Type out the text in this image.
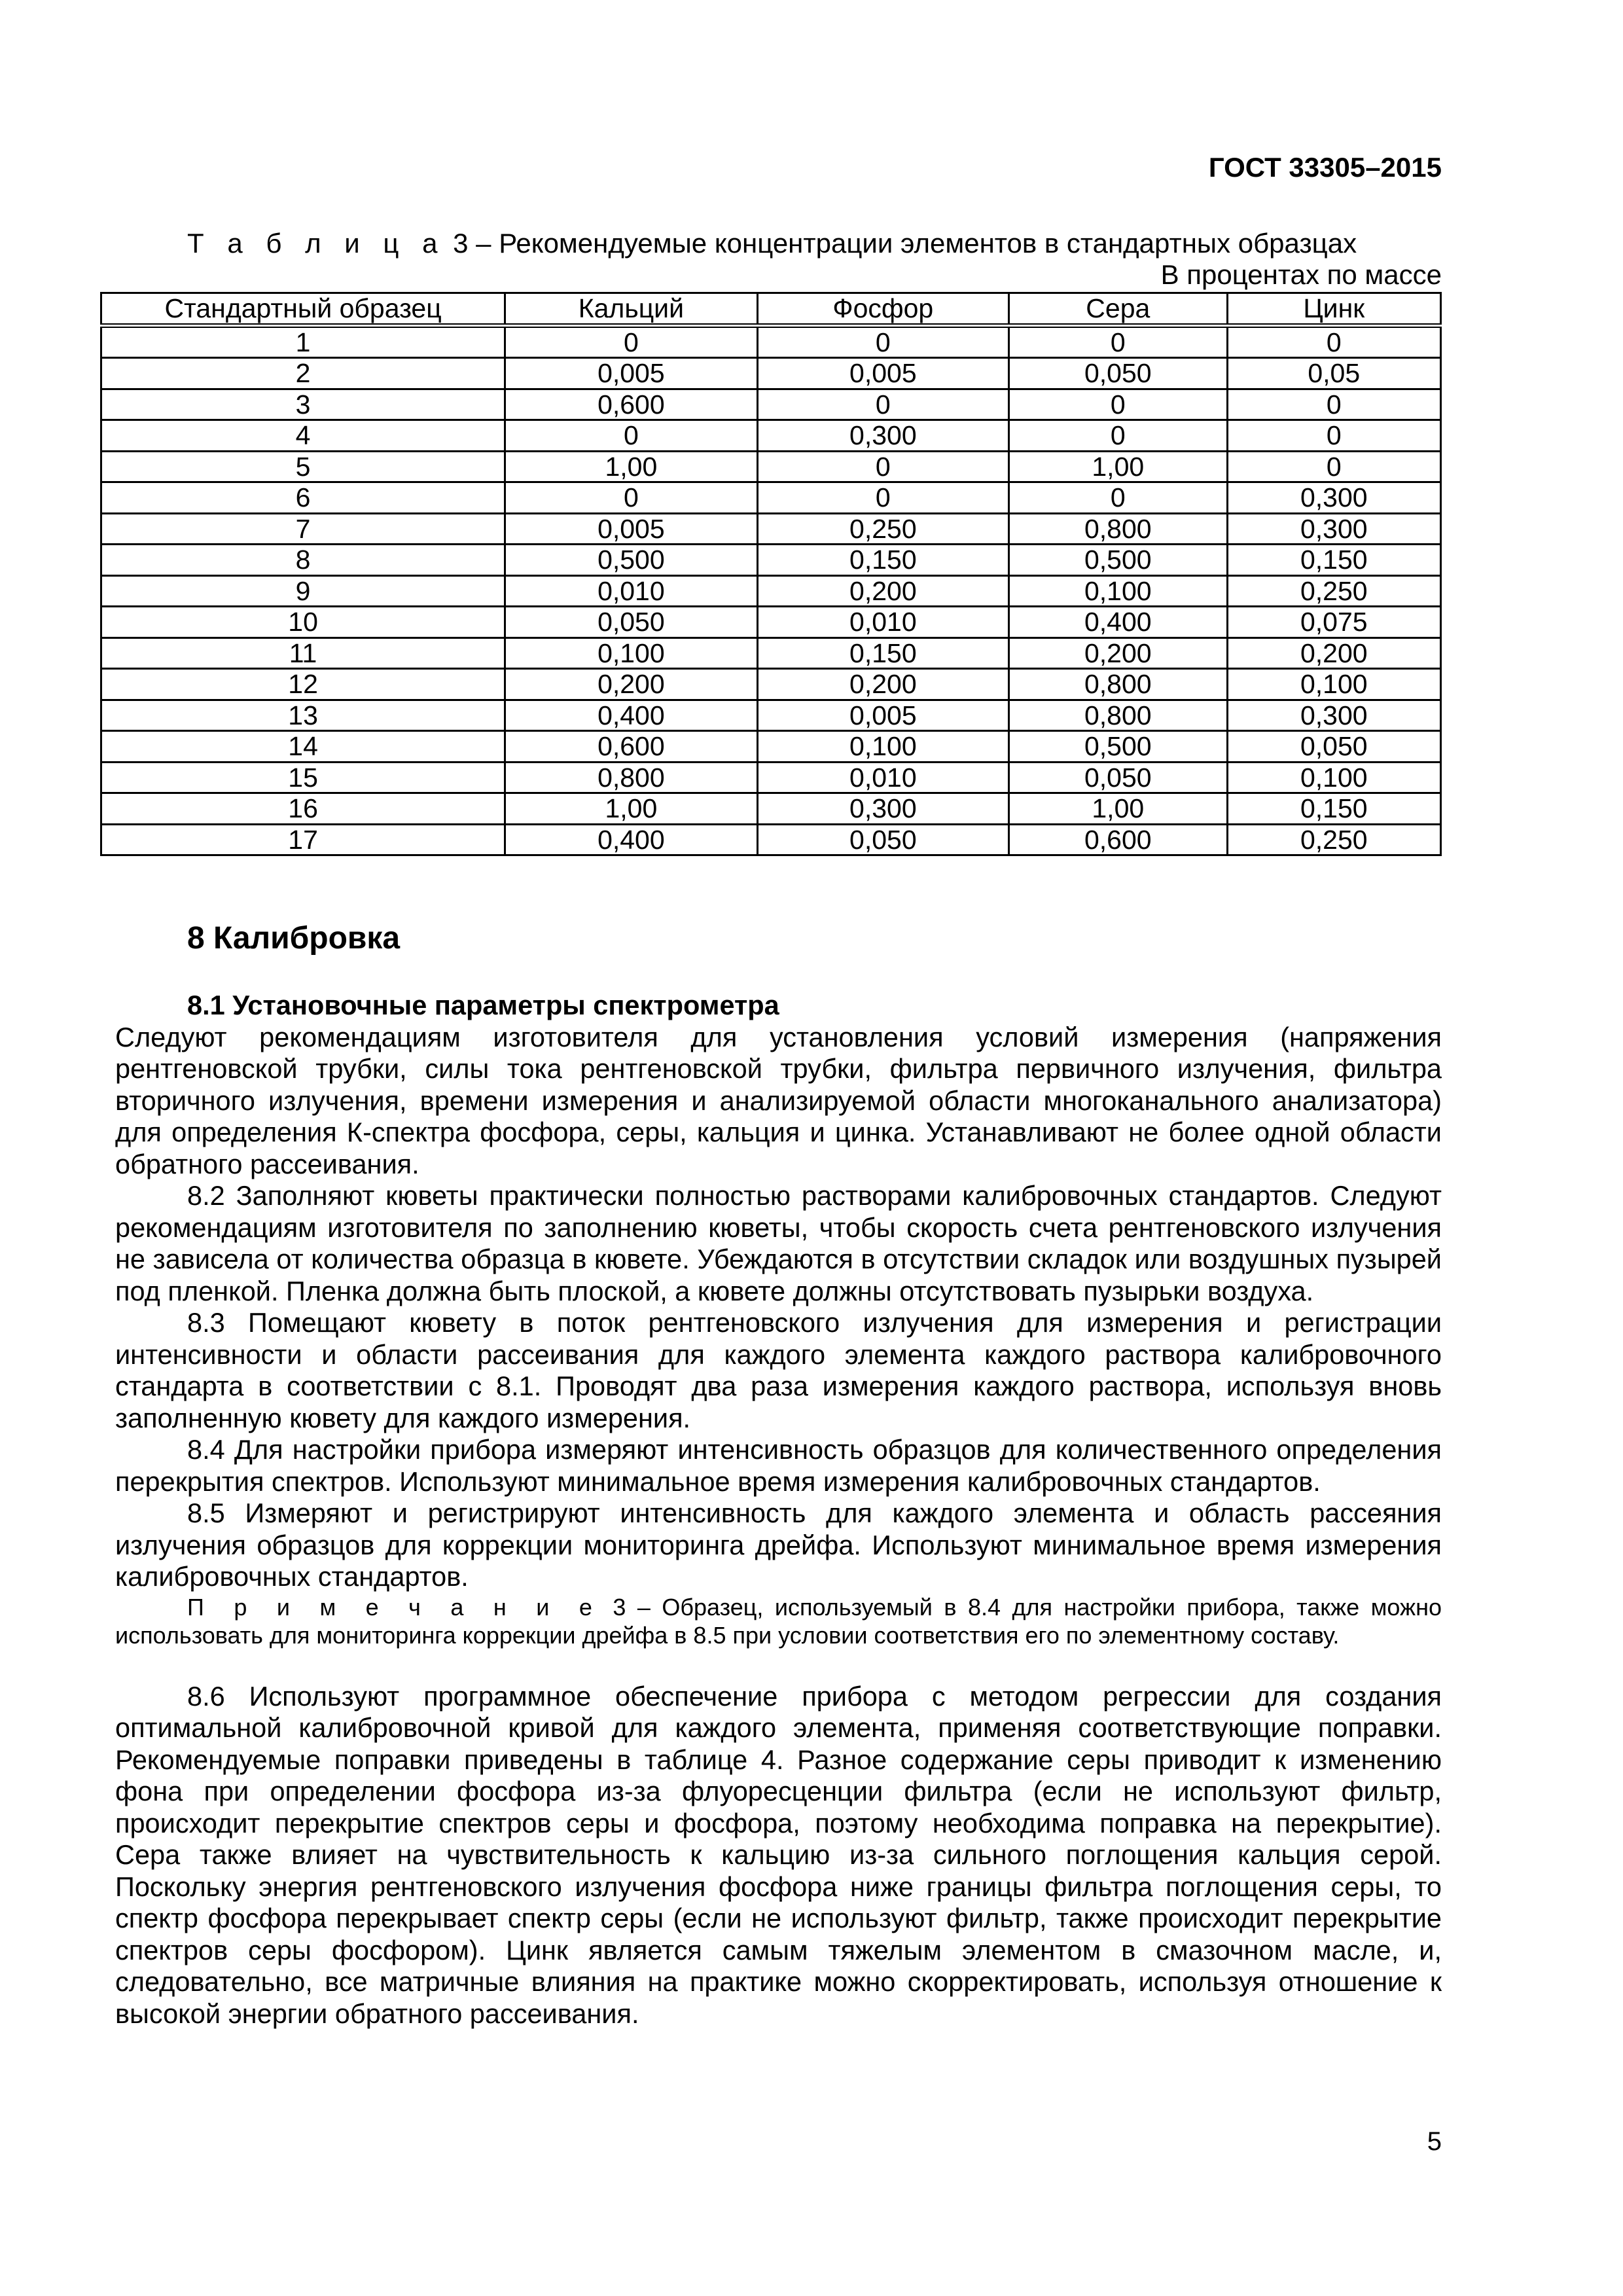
ГОСТ 33305–2015
Т а б л и ц а 3 – Рекомендуемые концентрации элементов в стандартных образцах
В процентах по массе
Стандартный образец	Кальций	Фосфор	Сера	Цинк
1	0	0	0	0
2	0,005	0,005	0,050	0,05
3	0,600	0	0	0
4	0	0,300	0	0
5	1,00	0	1,00	0
6	0	0	0	0,300
7	0,005	0,250	0,800	0,300
8	0,500	0,150	0,500	0,150
9	0,010	0,200	0,100	0,250
10	0,050	0,010	0,400	0,075
11	0,100	0,150	0,200	0,200
12	0,200	0,200	0,800	0,100
13	0,400	0,005	0,800	0,300
14	0,600	0,100	0,500	0,050
15	0,800	0,010	0,050	0,100
16	1,00	0,300	1,00	0,150
17	0,400	0,050	0,600	0,250
8 Калибровка

8.1 Установочные параметры спектрометра

Следуют рекомендациям изготовителя для установления условий измерения (напряжения рентгеновской трубки, силы тока рентгеновской трубки, фильтра первичного излучения, фильтра вторичного излучения, времени измерения и анализируемой области многоканального анализатора) для определения К-спектра фосфора, серы, кальция и цинка. Устанавливают не более одной области обратного рассеивания.

8.2 Заполняют кюветы практически полностью растворами калибровочных стандартов. Следуют рекомендациям изготовителя по заполнению кюветы, чтобы скорость счета рентгеновского излучения не зависела от количества образца в кювете. Убеждаются в отсутствии складок или воздушных пузырей под пленкой. Пленка должна быть плоской, а кювете должны отсутствовать пузырьки воздуха.

8.3 Помещают кювету в поток рентгеновского излучения для измерения и регистрации интенсивности и области рассеивания для каждого элемента каждого раствора калибровочного стандарта в соответствии с 8.1. Проводят два раза измерения каждого раствора, используя вновь заполненную кювету для каждого измерения.

8.4 Для настройки прибора измеряют интенсивность образцов для количественного определения перекрытия спектров. Используют минимальное время измерения калибровочных стандартов.

8.5 Измеряют и регистрируют интенсивность для каждого элемента и область рассеяния излучения образцов для коррекции мониторинга дрейфа. Используют минимальное время измерения калибровочных стандартов.

П р и м е ч а н и е 3 – Образец, используемый в 8.4 для настройки прибора, также можно использовать для мониторинга коррекции дрейфа в 8.5 при условии соответствия его по элементному составу.

8.6 Используют программное обеспечение прибора с методом регрессии для создания оптимальной калибровочной кривой для каждого элемента, применяя соответствующие поправки. Рекомендуемые поправки приведены в таблице 4. Разное содержание серы приводит к изменению фона при определении фосфора из-за флуоресценции фильтра (если не используют фильтр, происходит перекрытие спектров серы и фосфора, поэтому необходима поправка на перекрытие). Сера также влияет на чувствительность к кальцию из-за сильного поглощения кальция серой. Поскольку энергия рентгеновского излучения фосфора ниже границы фильтра поглощения серы, то спектр фосфора перекрывает спектр серы (если не используют фильтр, также происходит перекрытие спектров серы фосфором). Цинк является самым тяжелым элементом в смазочном масле, и, следовательно, все матричные влияния на практике можно скорректировать, используя отношение к высокой энергии обратного рассеивания.

5
